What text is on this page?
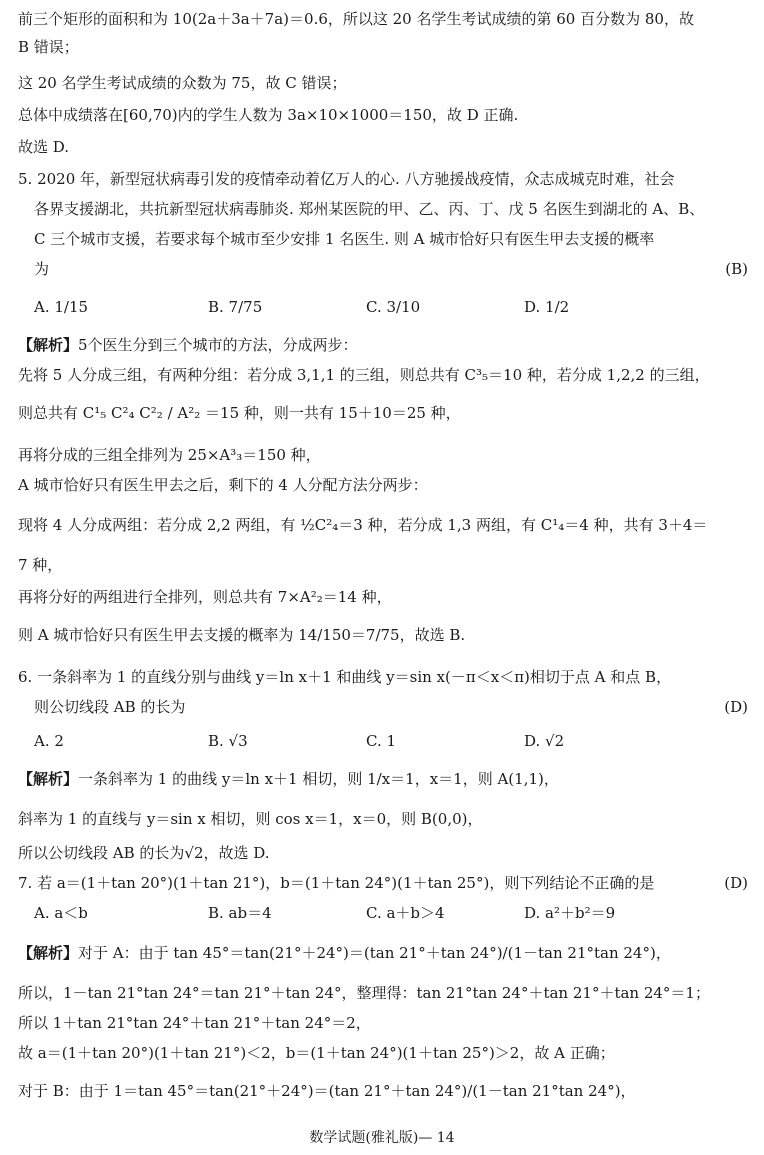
前三个矩形的面积和为 10(2a＋3a＋7a)＝0.6，所以这 20 名学生考试成绩的第 60 百分数为 80，故
B 错误；
这 20 名学生考试成绩的众数为 75，故 C 错误；
总体中成绩落在[60,70)内的学生人数为 3a×10×1000＝150，故 D 正确.
故选 D.
5. 2020 年，新型冠状病毒引发的疫情牵动着亿万人的心. 八方驰援战疫情，众志成城克时难，社会
各界支援湖北，共抗新型冠状病毒肺炎. 郑州某医院的甲、乙、丙、丁、戊 5 名医生到湖北的 A、B、
C 三个城市支援，若要求每个城市至少安排 1 名医生. 则 A 城市恰好只有医生甲去支援的概率
为	(B)
A. 1/15	B. 7/75	C. 3/10	D. 1/2
【解析】5个医生分到三个城市的方法，分成两步：
先将 5 人分成三组，有两种分组：若分成 3,1,1 的三组，则总共有 C³₅＝10 种，若分成 1,2,2 的三组，
则总共有 C¹₅ C²₄ C²₂ / A²₂ ＝15 种，则一共有 15＋10＝25 种，
再将分成的三组全排列为 25×A³₃＝150 种，
A 城市恰好只有医生甲去之后，剩下的 4 人分配方法分两步：
现将 4 人分成两组：若分成 2,2 两组，有 ½C²₄＝3 种，若分成 1,3 两组，有 C¹₄＝4 种，共有 3＋4＝
7 种，
再将分好的两组进行全排列，则总共有 7×A²₂＝14 种，
则 A 城市恰好只有医生甲去支援的概率为 14/150＝7/75，故选 B.
6. 一条斜率为 1 的直线分别与曲线 y＝ln x＋1 和曲线 y＝sin x(－π＜x＜π)相切于点 A 和点 B，
则公切线段 AB 的长为	(D)
A. 2	B. √3	C. 1	D. √2
【解析】一条斜率为 1 的曲线 y＝ln x＋1 相切，则 1/x＝1，x＝1，则 A(1,1)，
斜率为 1 的直线与 y＝sin x 相切，则 cos x＝1，x＝0，则 B(0,0)，
所以公切线段 AB 的长为√2，故选 D.
7. 若 a＝(1＋tan 20°)(1＋tan 21°)，b＝(1＋tan 24°)(1＋tan 25°)，则下列结论不正确的是	(D)
A. a＜b	B. ab＝4	C. a＋b＞4	D. a²＋b²＝9
【解析】对于 A：由于 tan 45°＝tan(21°＋24°)＝(tan 21°＋tan 24°)/(1－tan 21°tan 24°)，
所以，1－tan 21°tan 24°＝tan 21°＋tan 24°，整理得：tan 21°tan 24°＋tan 21°＋tan 24°＝1；
所以 1＋tan 21°tan 24°＋tan 21°＋tan 24°＝2，
故 a＝(1＋tan 20°)(1＋tan 21°)＜2，b＝(1＋tan 24°)(1＋tan 25°)＞2，故 A 正确；
对于 B：由于 1＝tan 45°＝tan(21°＋24°)＝(tan 21°＋tan 24°)/(1－tan 21°tan 24°)，
数学试题(雅礼版)— 14
